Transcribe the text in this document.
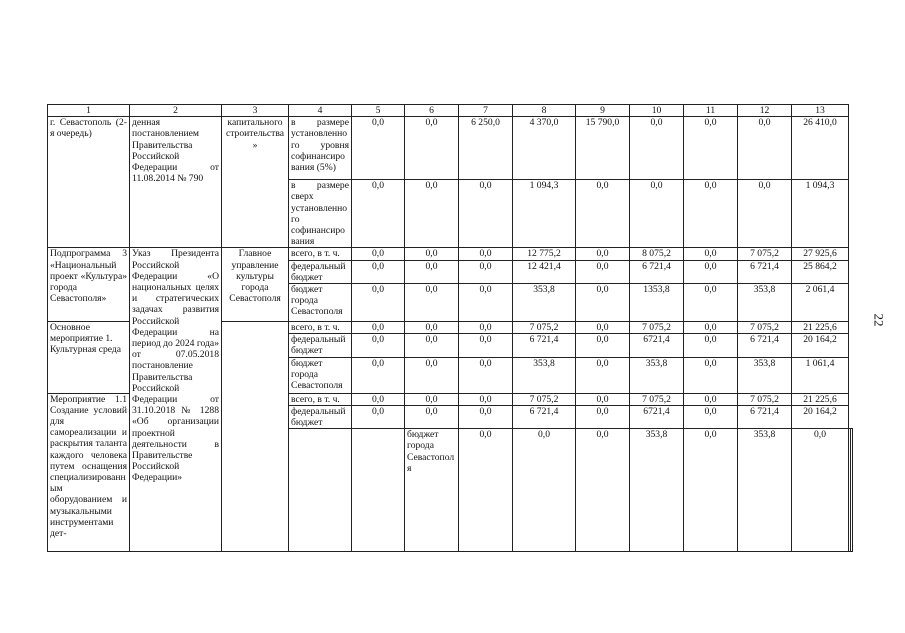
22
1	2	3	4	5	6	7	8	9	10	11	12	13		
г. Севастополь (2-я очередь)	денная постановлением Правительства Российской Федерации от 11.08.2014 № 790	капитального строительства»	в размере установленного уровня софинансирования (5%)	0,0	0,0	6 250,0	4 370,0	15 790,0	0,0	0,0	0,0	26 410,0		
			в размере сверх установленного софинансирования	0,0	0,0	0,0	1 094,3	0,0	0,0	0,0	0,0	1 094,3		
Подпрограмма 3 «Национальный проект «Культура» города Севастополя»	Указ Президента Российской Федерации «О национальных целях и стратегических задачах развития Российской Федерации на период до 2024 года» от 07.05.2018 постановление Правительства Российской Федерации от 31.10.2018 № 1288 «Об организации проектной деятельности в Правительстве Российской Федерации»	Главное управление культуры города Севастополя	всего, в т. ч.	0,0	0,0	0,0	12 775,2	0,0	8 075,2	0,0	7 075,2	27 925,6		
			федеральный бюджет	0,0	0,0	0,0	12 421,4	0,0	6 721,4	0,0	6 721,4	25 864,2		
			бюджет города Севастополя	0,0	0,0	0,0	353,8	0,0	1353,8	0,0	353,8	2 061,4		
Основное мероприятие 1. Культурная среда			всего, в т. ч.	0,0	0,0	0,0	7 075,2	0,0	7 075,2	0,0	7 075,2	21 225,6		
			федеральный бюджет	0,0	0,0	0,0	6 721,4	0,0	6721,4	0,0	6 721,4	20 164,2		
			бюджет города Севастополя	0,0	0,0	0,0	353,8	0,0	353,8	0,0	353,8	1 061,4		
Мероприятие 1.1 Создание условий для самореализации и раскрытия таланта каждого человека путем оснащения специализированным оборудованием и музыкальными инструментами дет-			всего, в т. ч.	0,0	0,0	0,0	7 075,2	0,0	7 075,2	0,0	7 075,2	21 225,6		
			федеральный бюджет	0,0	0,0	0,0	6 721,4	0,0	6721,4	0,0	6 721,4	20 164,2		
					бюджет города Севастополя	0,0	0,0	0,0	353,8	0,0	353,8	0,0		
